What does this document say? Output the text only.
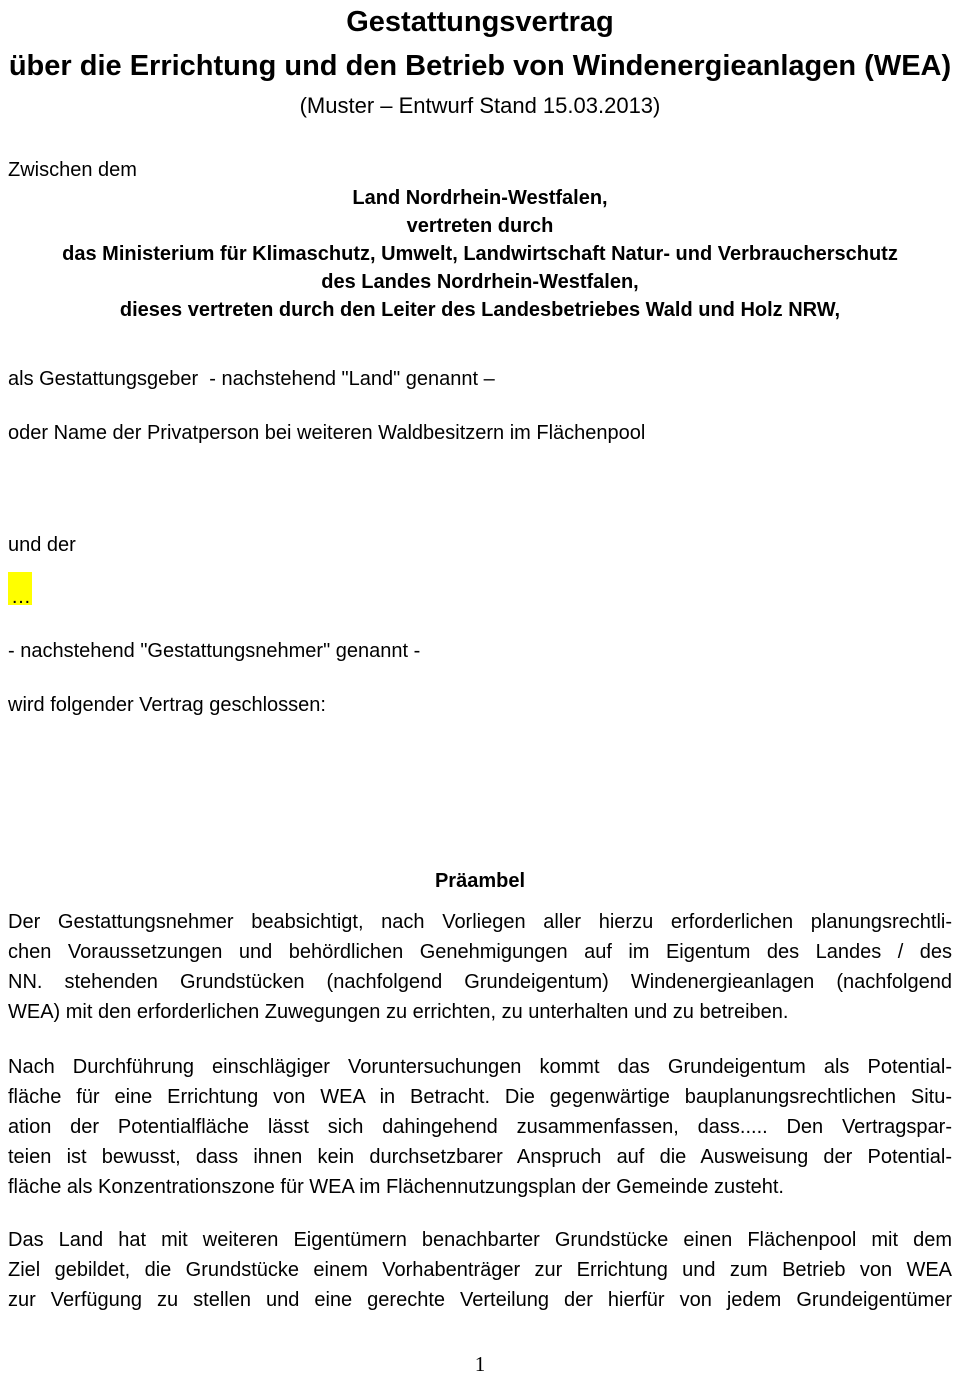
Gestattungsvertrag
über die Errichtung und den Betrieb von Windenergieanlagen (WEA)
(Muster – Entwurf Stand 15.03.2013)
Zwischen dem
Land Nordrhein-Westfalen,
vertreten durch
das Ministerium für Klimaschutz, Umwelt, Landwirtschaft Natur- und Verbraucherschutz
des Landes Nordrhein-Westfalen,
dieses vertreten durch den Leiter des Landesbetriebes Wald und Holz NRW,
als Gestattungsgeber  - nachstehend "Land" genannt –
oder Name der Privatperson bei weiteren Waldbesitzern im Flächenpool
und der
…
- nachstehend "Gestattungsnehmer" genannt -
wird folgender Vertrag geschlossen:
Präambel
Der Gestattungsnehmer beabsichtigt, nach Vorliegen aller hierzu erforderlichen planungsrechtli-
chen Voraussetzungen und behördlichen Genehmigungen auf im Eigentum des Landes / des
NN. stehenden Grundstücken (nachfolgend Grundeigentum) Windenergieanlagen (nachfolgend
WEA) mit den erforderlichen Zuwegungen zu errichten, zu unterhalten und zu betreiben.
Nach Durchführung einschlägiger Voruntersuchungen kommt das Grundeigentum als Potential-
fläche für eine Errichtung von WEA in Betracht. Die gegenwärtige bauplanungsrechtlichen Situ-
ation der Potentialfläche lässt sich dahingehend zusammenfassen, dass..... Den Vertragspar-
teien ist bewusst, dass ihnen kein durchsetzbarer Anspruch auf die Ausweisung der Potential-
fläche als Konzentrationszone für WEA im Flächennutzungsplan der Gemeinde zusteht.
Das Land hat mit weiteren Eigentümern benachbarter Grundstücke einen Flächenpool mit dem
Ziel gebildet, die Grundstücke einem Vorhabenträger zur Errichtung und zum Betrieb von WEA
zur Verfügung zu stellen und eine gerechte Verteilung der hierfür von jedem Grundeigentümer
1
